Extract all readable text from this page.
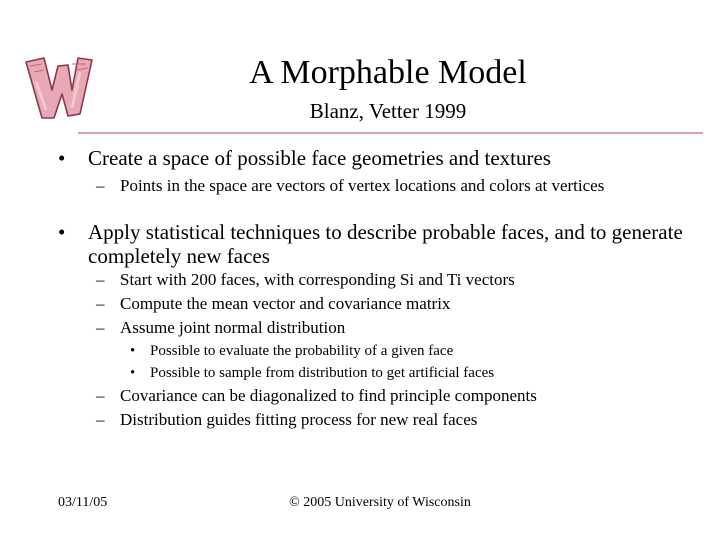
A Morphable Model
Blanz, Vetter 1999
• Create a space of possible face geometries and textures
– Points in the space are vectors of vertex locations and colors at vertices
• Apply statistical techniques to describe probable faces, and to generate completely new faces
– Start with 200 faces, with corresponding Si and Ti vectors
– Compute the mean vector and covariance matrix
– Assume joint normal distribution
• Possible to evaluate the probability of a given face
• Possible to sample from distribution to get artificial faces
– Covariance can be diagonalized to find principle components
– Distribution guides fitting process for new real faces
03/11/05	© 2005 University of Wisconsin
